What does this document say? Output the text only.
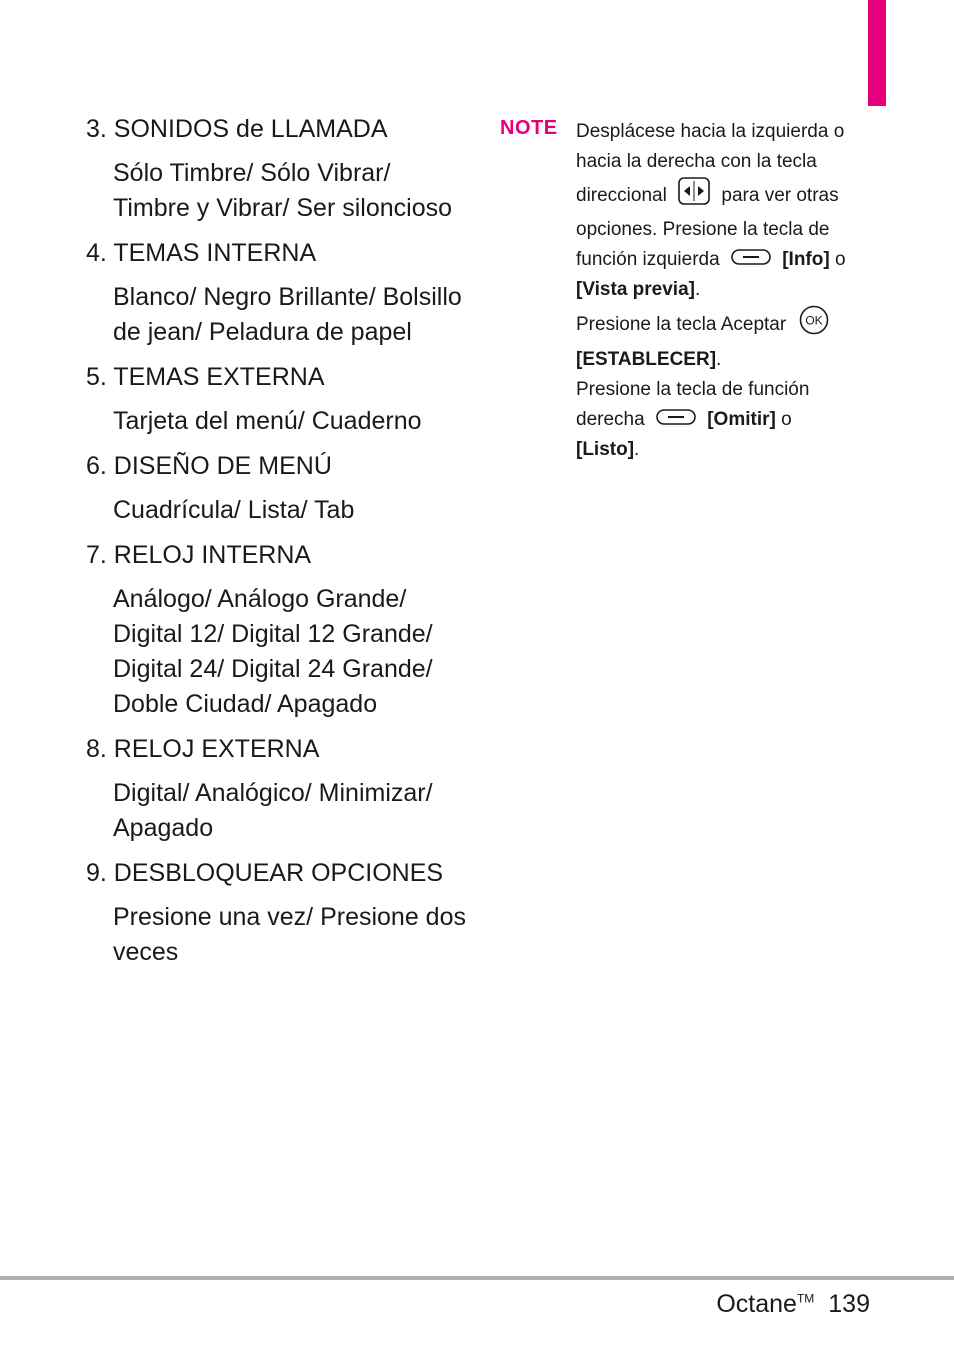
3. SONIDOS de LLAMADA

Sólo Timbre/ Sólo Vibrar/
Timbre y Vibrar/ Ser siloncioso

4. TEMAS INTERNA

Blanco/ Negro Brillante/ Bolsillo
de jean/ Peladura de papel

5. TEMAS EXTERNA

Tarjeta del menú/ Cuaderno

6. DISEÑO DE MENÚ

Cuadrícula/ Lista/ Tab

7. RELOJ INTERNA

Análogo/ Análogo Grande/
Digital 12/ Digital 12 Grande/
Digital 24/ Digital 24 Grande/
Doble Ciudad/ Apagado

8. RELOJ EXTERNA

Digital/ Analógico/ Minimizar/
Apagado

9. DESBLOQUEAR OPCIONES

Presione una vez/ Presione dos
veces
NOTE Desplácese hacia la izquierda o
hacia la derecha con la tecla
direccional	para ver otras
opciones. Presione la tecla de
función izquierda	[Info] o
[Vista previa].
Presione la tecla Aceptar OK
[ESTABLECER].
Presione la tecla de función
derecha	[Omitir] o
[Listo].
Octane™ 139
